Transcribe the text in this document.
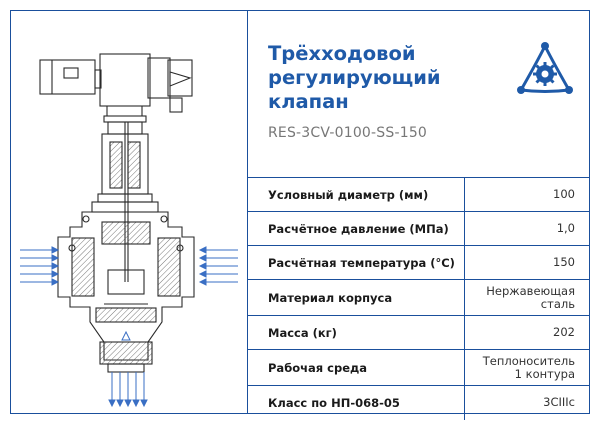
Трёхходовой
регулирующий
клапан
RES-3CV-0100-SS-150
Условный диаметр (мм)	100
Расчётное давление (МПа)	1,0
Расчётная температура (°С)	150
Материал корпуса	Нержавеющая сталь
Масса (кг)	202
Рабочая среда	Теплоноситель 1 контура
Класс по НП-068-05	3СIIIс
